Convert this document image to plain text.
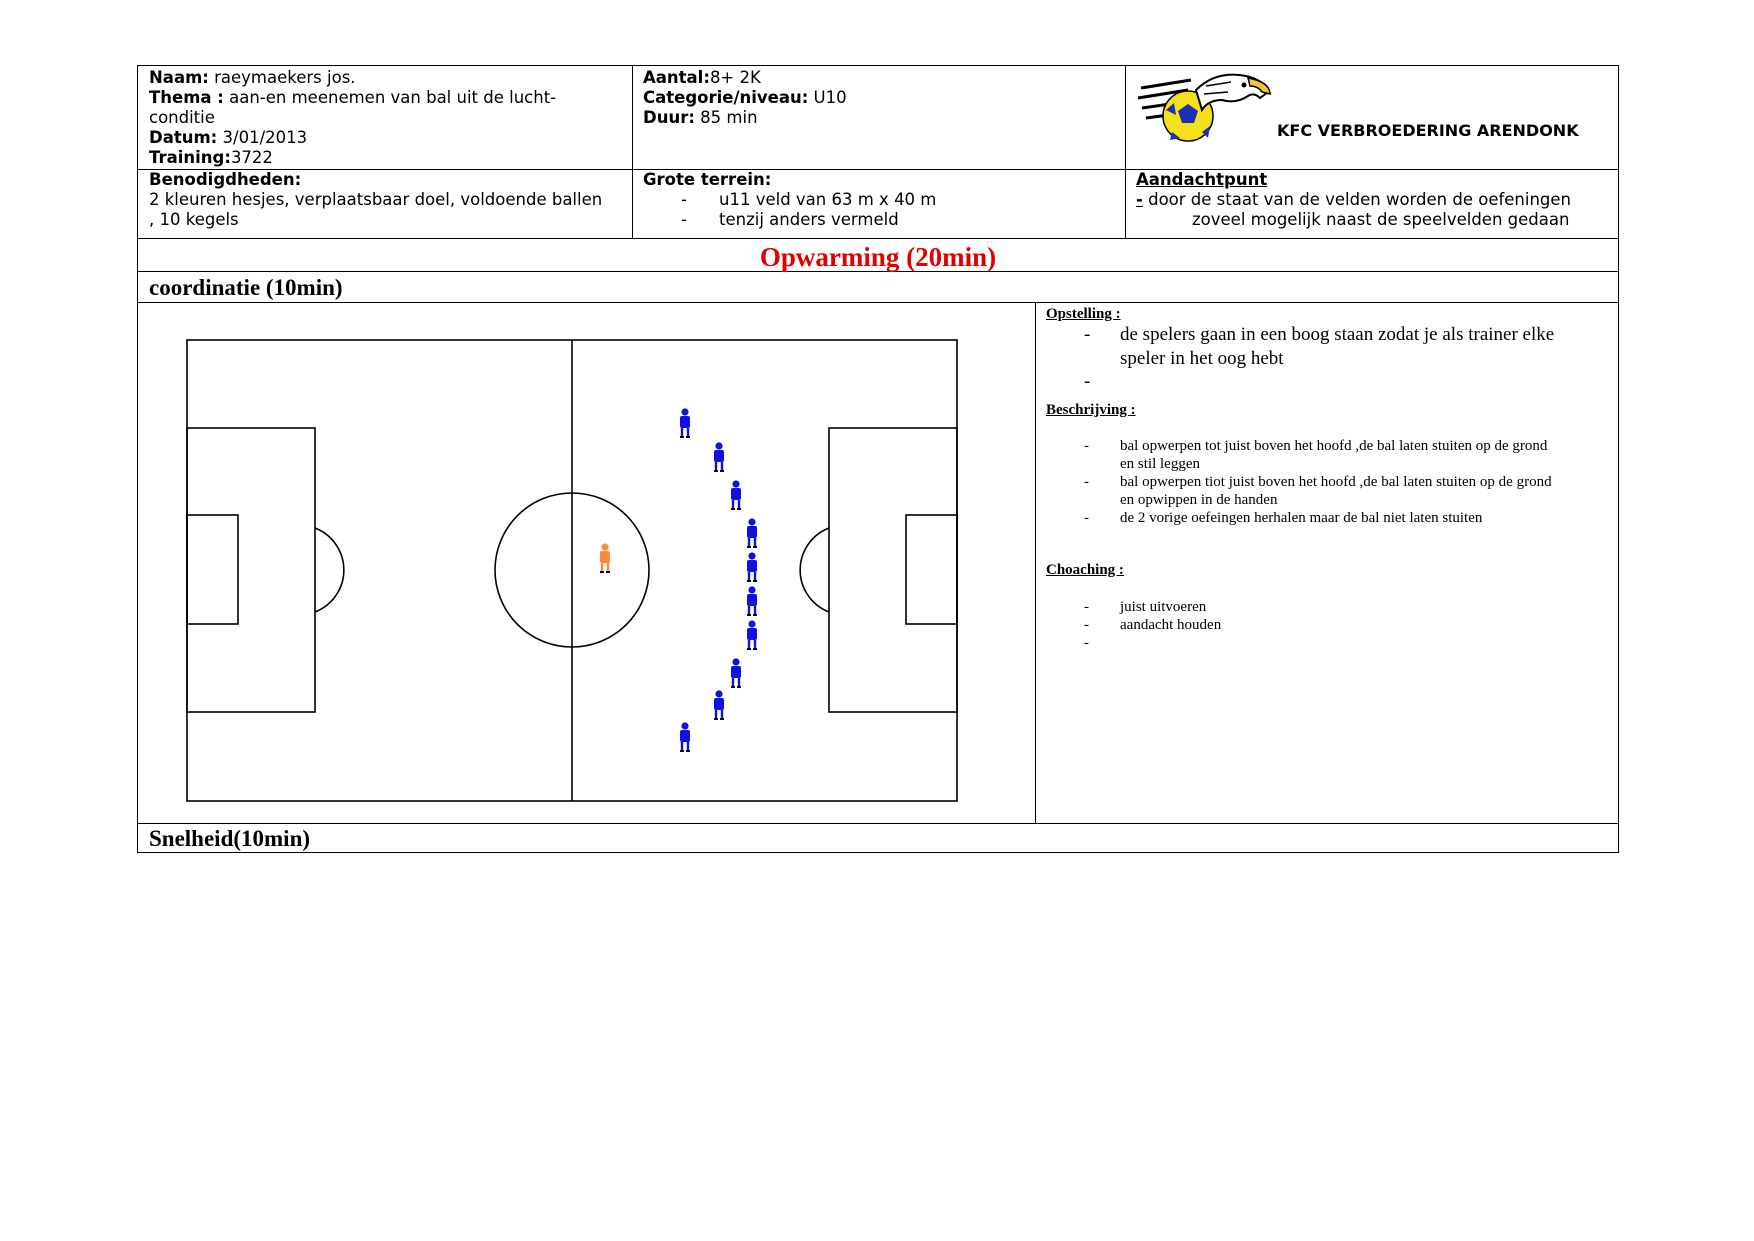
Naam: raeymaekers jos.
Thema : aan-en meenemen van bal uit de lucht-
conditie
Datum: 3/01/2013
Training:3722
Aantal:8+ 2K
Categorie/niveau: U10
Duur: 85 min
KFC VERBROEDERING ARENDONK
Benodigdheden:
2 kleuren hesjes, verplaatsbaar doel, voldoende ballen
, 10 kegels
Grote terrein:
-	u11 veld van 63 m x 40 m
-	tenzij anders vermeld
Aandachtpunt
- door de staat van de velden worden de oefeningen
zoveel mogelijk naast de speelvelden gedaan
Opwarming (20min)
coordinatie (10min)
Snelheid(10min)
Opstelling :
-	de spelers gaan in een boog staan zodat je als trainer elke
speler in het oog hebt
-
Beschrijving :
-	bal opwerpen tot juist boven het hoofd ,de bal laten stuiten op de grond
en stil leggen
-	bal opwerpen tiot juist boven het hoofd ,de bal laten stuiten op de grond
en opwippen in de handen
-	de 2 vorige oefeingen herhalen maar de bal niet laten stuiten
Choaching :
-	juist uitvoeren
-	aandacht houden
-
